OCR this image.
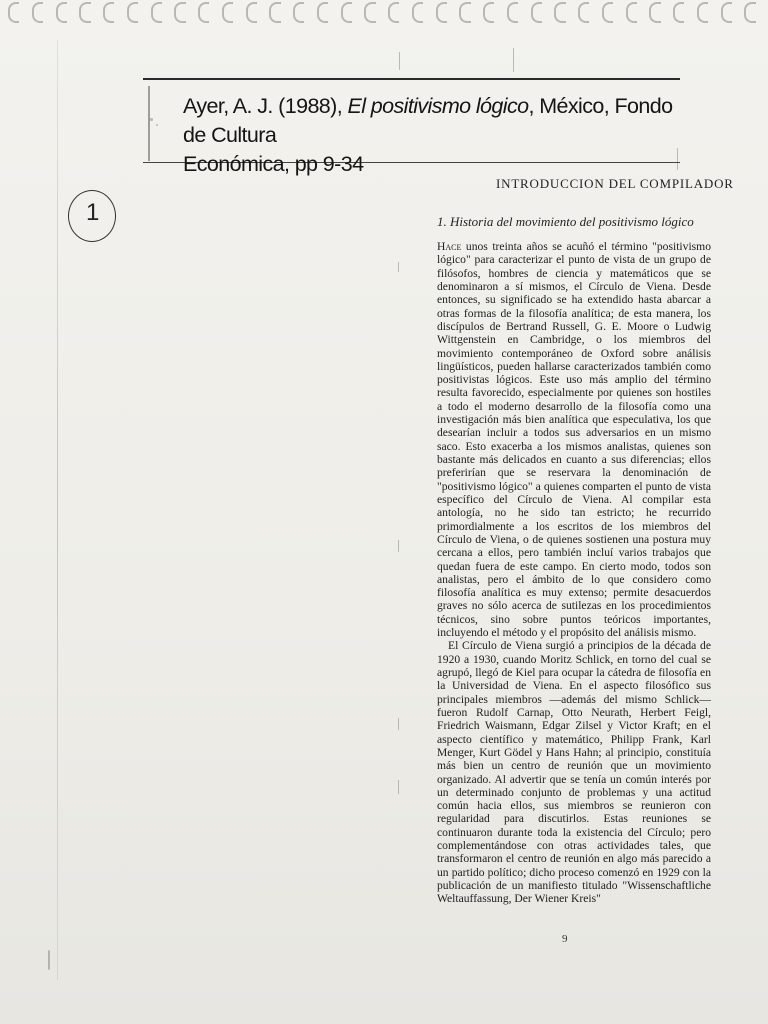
Ayer, A. J. (1988), El positivismo lógico, México, Fondo de Cultura
Económica, pp 9-34
1
INTRODUCCION DEL COMPILADOR
1. Historia del movimiento del positivismo lógico

Hace unos treinta años se acuñó el término "positivismo lógico" para caracterizar el punto de vista de un grupo de filósofos, hombres de ciencia y matemáticos que se denominaron a sí mismos, el Círculo de Viena. Desde entonces, su significado se ha extendido hasta abarcar a otras formas de la filosofía analítica; de esta manera, los discípulos de Bertrand Russell, G. E. Moore o Ludwig Wittgenstein en Cambridge, o los miembros del movimiento contemporáneo de Oxford sobre análisis lingüísticos, pueden hallarse caracterizados también como positivistas lógicos. Este uso más amplio del término resulta favorecido, especialmente por quienes son hostiles a todo el moderno desarrollo de la filosofía como una investigación más bien analítica que especulativa, los que desearían incluir a todos sus adversarios en un mismo saco. Esto exacerba a los mismos analistas, quienes son bastante más delicados en cuanto a sus diferencias; ellos preferirían que se reservara la denominación de "positivismo lógico" a quienes comparten el punto de vista específico del Círculo de Viena. Al compilar esta antología, no he sido tan estricto; he recurrido primordialmente a los escritos de los miembros del Círculo de Viena, o de quienes sostienen una postura muy cercana a ellos, pero también incluí varios trabajos que quedan fuera de este campo. En cierto modo, todos son analistas, pero el ámbito de lo que considero como filosofía analítica es muy extenso; permite desacuerdos graves no sólo acerca de sutilezas en los procedimientos técnicos, sino sobre puntos teóricos importantes, incluyendo el método y el propósito del análisis mismo.

El Círculo de Viena surgió a principios de la década de 1920 a 1930, cuando Moritz Schlick, en torno del cual se agrupó, llegó de Kiel para ocupar la cátedra de filosofía en la Universidad de Viena. En el aspecto filosófico sus principales miembros —además del mismo Schlick— fueron Rudolf Carnap, Otto Neurath, Herbert Feigl, Friedrich Waismann, Edgar Zilsel y Victor Kraft; en el aspecto científico y matemático, Philipp Frank, Karl Menger, Kurt Gödel y Hans Hahn; al principio, constituía más bien un centro de reunión que un movimiento organizado. Al advertir que se tenía un común interés por un determinado conjunto de problemas y una actitud común hacia ellos, sus miembros se reunieron con regularidad para discutirlos. Estas reuniones se continuaron durante toda la existencia del Círculo; pero complementándose con otras actividades tales, que transformaron el centro de reunión en algo más parecido a un partido político; dicho proceso comenzó en 1929 con la publicación de un manifiesto titulado "Wissenschaftliche Weltauffassung, Der Wiener Kreis"

9
